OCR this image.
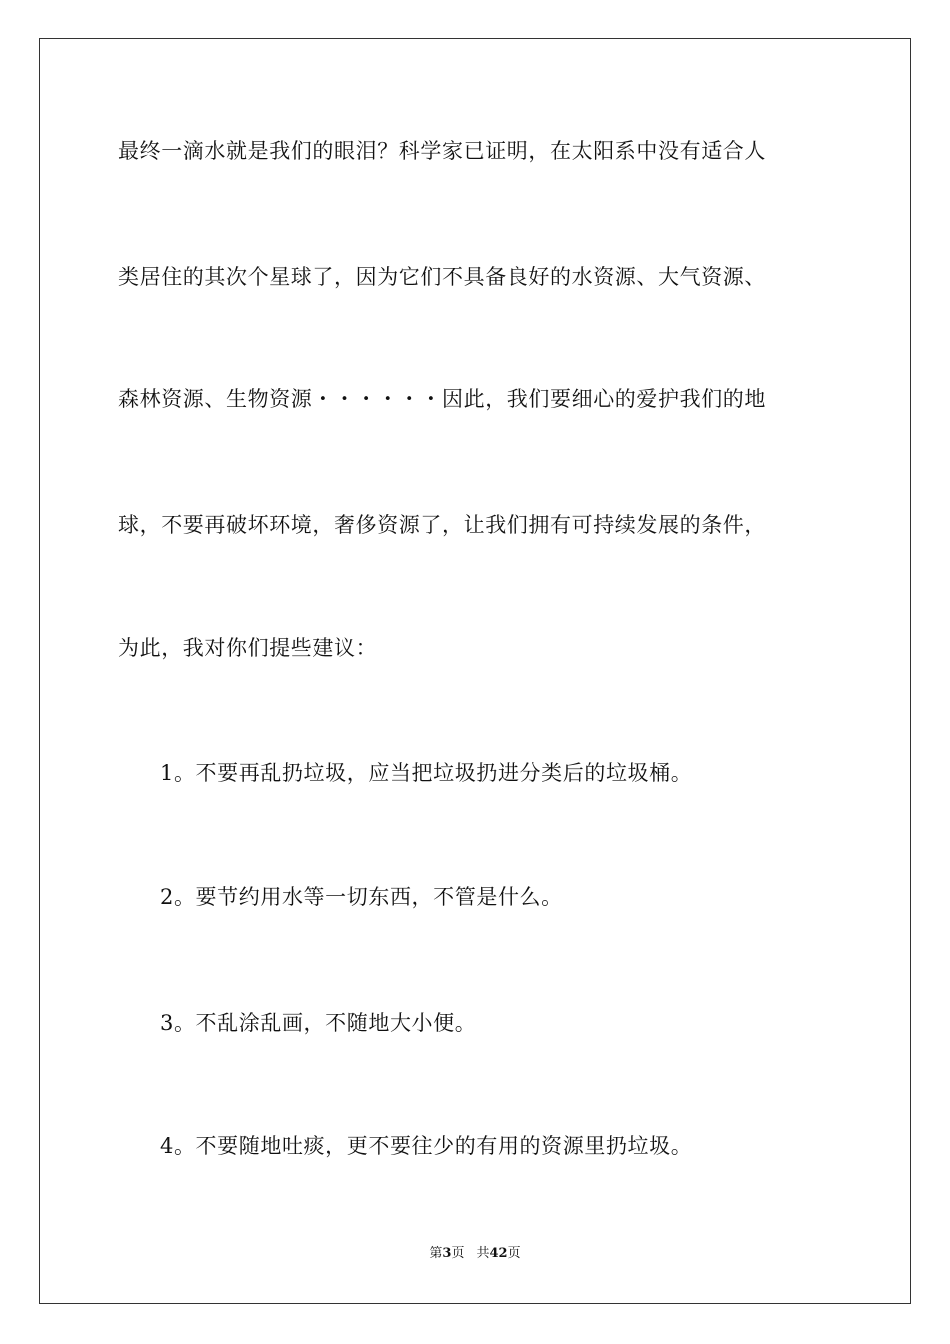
最终一滴水就是我们的眼泪？科学家已证明，在太阳系中没有适合人
类居住的其次个星球了，因为它们不具备良好的水资源、大气资源、
森林资源、生物资源・・・・・・因此，我们要细心的爱护我们的地
球，不要再破坏环境，奢侈资源了，让我们拥有可持续发展的条件，
为此，我对你们提些建议：
1。不要再乱扔垃圾，应当把垃圾扔进分类后的垃圾桶。
2。要节约用水等一切东西，不管是什么。
3。不乱涂乱画，不随地大小便。
4。不要随地吐痰，更不要往少的有用的资源里扔垃圾。
第3页 共42页
